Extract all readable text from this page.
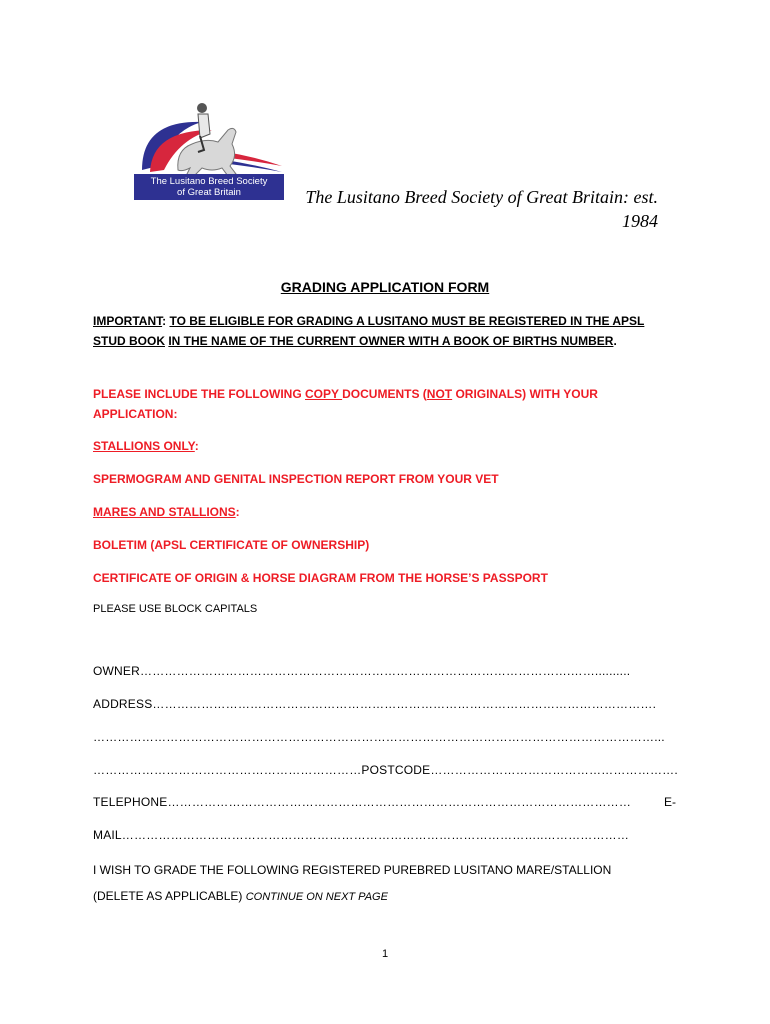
The Lusitano Breed Society
of Great Britain	The Lusitano Breed Society of Great Britain: est.
1984
GRADING APPLICATION FORM
IMPORTANT: TO BE ELIGIBLE FOR GRADING A LUSITANO MUST BE REGISTERED IN THE APSL STUD BOOK IN THE NAME OF THE CURRENT OWNER WITH A BOOK OF BIRTHS NUMBER.
PLEASE INCLUDE THE FOLLOWING COPY DOCUMENTS (NOT ORIGINALS) WITH YOUR APPLICATION:
STALLIONS ONLY:
SPERMOGRAM AND GENITAL INSPECTION REPORT FROM YOUR VET
MARES AND STALLIONS:
BOLETIM (APSL CERTIFICATE OF OWNERSHIP)
CERTIFICATE OF ORIGIN & HORSE DIAGRAM FROM THE HORSE’S PASSPORT
PLEASE USE BLOCK CAPITALS
OWNER…………………………………………………………………………………………….……..........
ADDRESS…………………………………………………………………………………………………………….
…………………………………………………………………………………………………………………………...
…………………………………………………………POSTCODE…………………………………………………….
TELEPHONE……………………………………………………………………………………………………	E-
MAIL…………………………………………………………………………………………..…………………
I WISH TO GRADE THE FOLLOWING REGISTERED PUREBRED LUSITANO MARE/STALLION
(DELETE AS APPLICABLE) CONTINUE ON NEXT PAGE
1
